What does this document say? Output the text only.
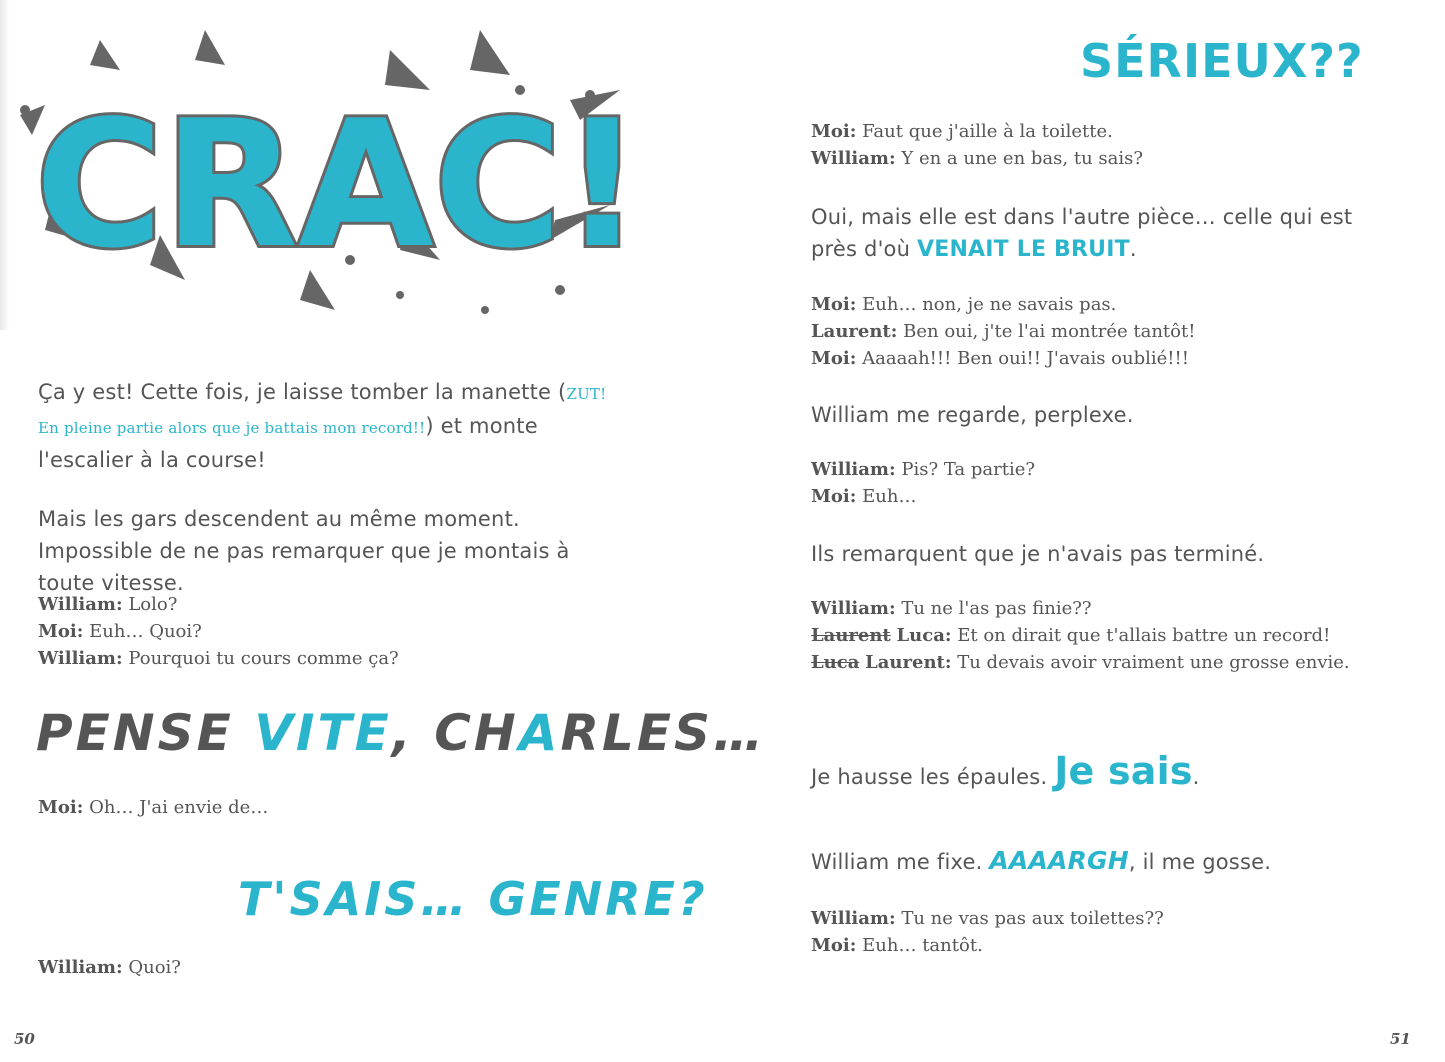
CRAC!
Ça y est! Cette fois, je laisse tomber la manette (ZUT! En pleine partie alors que je battais mon record!!) et monte l'escalier à la course!
Mais les gars descendent au même moment. Impossible de ne pas remarquer que je montais à toute vitesse.
William: Lolo?
Moi: Euh… Quoi?
William: Pourquoi tu cours comme ça?
PENSE VITE, CHARLES…
Moi: Oh… J'ai envie de…
T'SAIS… GENRE?
William: Quoi?
50
SÉRIEUX??
Moi: Faut que j'aille à la toilette.
William: Y en a une en bas, tu sais?
Oui, mais elle est dans l'autre pièce… celle qui est près d'où VENAIT LE BRUIT.
Moi: Euh… non, je ne savais pas.
Laurent: Ben oui, j'te l'ai montrée tantôt!
Moi: Aaaaah!!! Ben oui!! J'avais oublié!!!
William me regarde, perplexe.
William: Pis? Ta partie?
Moi: Euh…
Ils remarquent que je n'avais pas terminé.
William: Tu ne l'as pas finie??
Laurent Luca: Et on dirait que t'allais battre un record!
Luca Laurent: Tu devais avoir vraiment une grosse envie.
Je hausse les épaules. Je sais.
William me fixe. AAAARGH, il me gosse.
William: Tu ne vas pas aux toilettes??
Moi: Euh… tantôt.
51
